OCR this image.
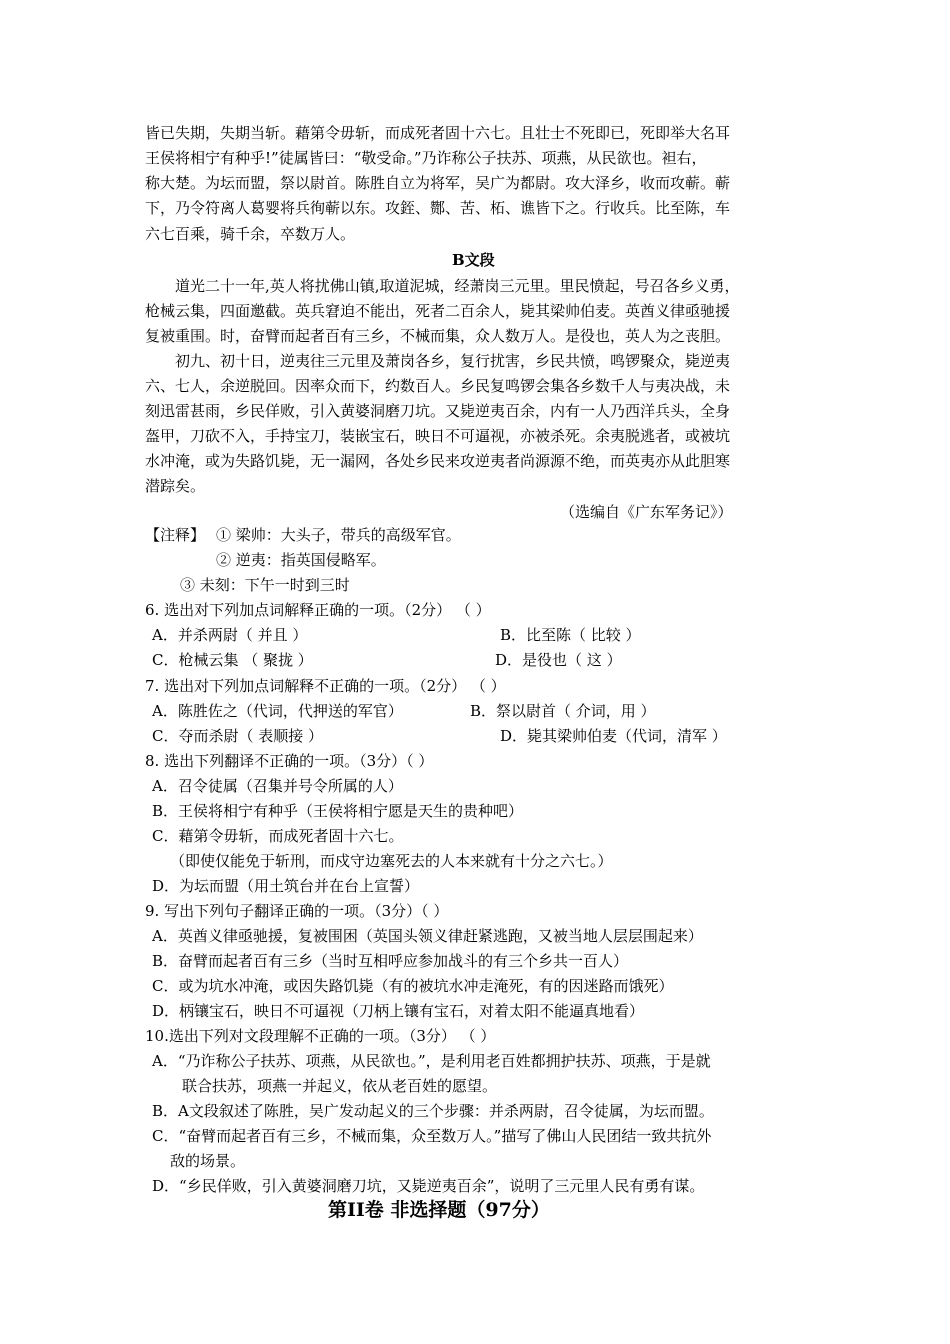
皆已失期，失期当斩。藉第令毋斩，而成死者固十六七。且壮士不死即已，死即举大名耳
王侯将相宁有种乎!”徒属皆曰：“敬受命。”乃诈称公子扶苏、项燕，从民欲也。袒右，
称大楚。为坛而盟，祭以尉首。陈胜自立为将军，吴广为都尉。攻大泽乡，收而攻蕲。蕲
下，乃令符离人葛婴将兵徇蕲以东。攻銍、酂、苦、柘、谯皆下之。行收兵。比至陈，车
六七百乘，骑千余，卒数万人。
B文段
道光二十一年,英人将扰佛山镇,取道泥城，经萧岗三元里。里民愤起，号召各乡义勇，
枪械云集，四面邀截。英兵窘迫不能出，死者二百余人，毙其梁帅伯麦。英酋义律亟驰援
复被重围。时，奋臂而起者百有三乡，不械而集，众人数万人。是役也，英人为之丧胆。
初九、初十日，逆夷往三元里及萧岗各乡，复行扰害，乡民共愤，鸣锣聚众，毙逆夷
六、七人，余逆脱回。因率众而下，约数百人。乡民复鸣锣会集各乡数千人与夷决战，未
刻迅雷甚雨，乡民佯败，引入黄婆洞磨刀坑。又毙逆夷百余，内有一人乃西洋兵头，全身
盔甲，刀砍不入，手持宝刀，装嵌宝石，映日不可逼视，亦被杀死。余夷脱逃者，或被坑
水冲淹，或为失路饥毙，无一漏网，各处乡民来攻逆夷者尚源源不绝，而英夷亦从此胆寒
潜踪矣。
（选编自《广东军务记》）
【注释】 ① 梁帅：大头子，带兵的高级军官。
② 逆夷：指英国侵略军。
③ 未刻：下午一时到三时
6. 选出对下列加点词解释正确的一项。（2分） （ ）
A．并杀两尉（ 并且 ）	B．比至陈（ 比较 ）
C．枪械云集 （ 聚拢 ）	D．是役也（ 这 ）
7. 选出对下列加点词解释不正确的一项。（2分） （ ）
A．陈胜佐之（代词，代押送的军官）	B．祭以尉首（ 介词，用 ）
C．夺而杀尉（ 表顺接 ）	D．毙其梁帅伯麦（代词，清军 ）
8. 选出下列翻译不正确的一项。（3分）（ ）
A．召令徒属（召集并号令所属的人）
B．王侯将相宁有种乎（王侯将相宁愿是天生的贵种吧）
C．藉第令毋斩，而成死者固十六七。
（即使仅能免于斩刑，而戍守边塞死去的人本来就有十分之六七。）
D．为坛而盟（用土筑台并在台上宣誓）
9. 写出下列句子翻译正确的一项。（3分）（ ）
A．英酋义律亟驰援，复被围困（英国头领义律赶紧逃跑，又被当地人层层围起来）
B．奋臂而起者百有三乡（当时互相呼应参加战斗的有三个乡共一百人）
C．或为坑水冲淹，或因失路饥毙（有的被坑水冲走淹死，有的因迷路而饿死）
D．柄镶宝石，映日不可逼视（刀柄上镶有宝石，对着太阳不能逼真地看）
10.选出下列对文段理解不正确的一项。（3分） （ ）
A．“乃诈称公子扶苏、项燕，从民欲也。”，是利用老百姓都拥护扶苏、项燕，于是就
联合扶苏，项燕一并起义，依从老百姓的愿望。
B．A文段叙述了陈胜，吴广发动起义的三个步骤：并杀两尉，召令徒属，为坛而盟。
C．“奋臂而起者百有三乡，不械而集，众至数万人。”描写了佛山人民团结一致共抗外
敌的场景。
D．“乡民佯败，引入黄婆洞磨刀坑，又毙逆夷百余”，说明了三元里人民有勇有谋。
第II卷 非选择题（97分）
